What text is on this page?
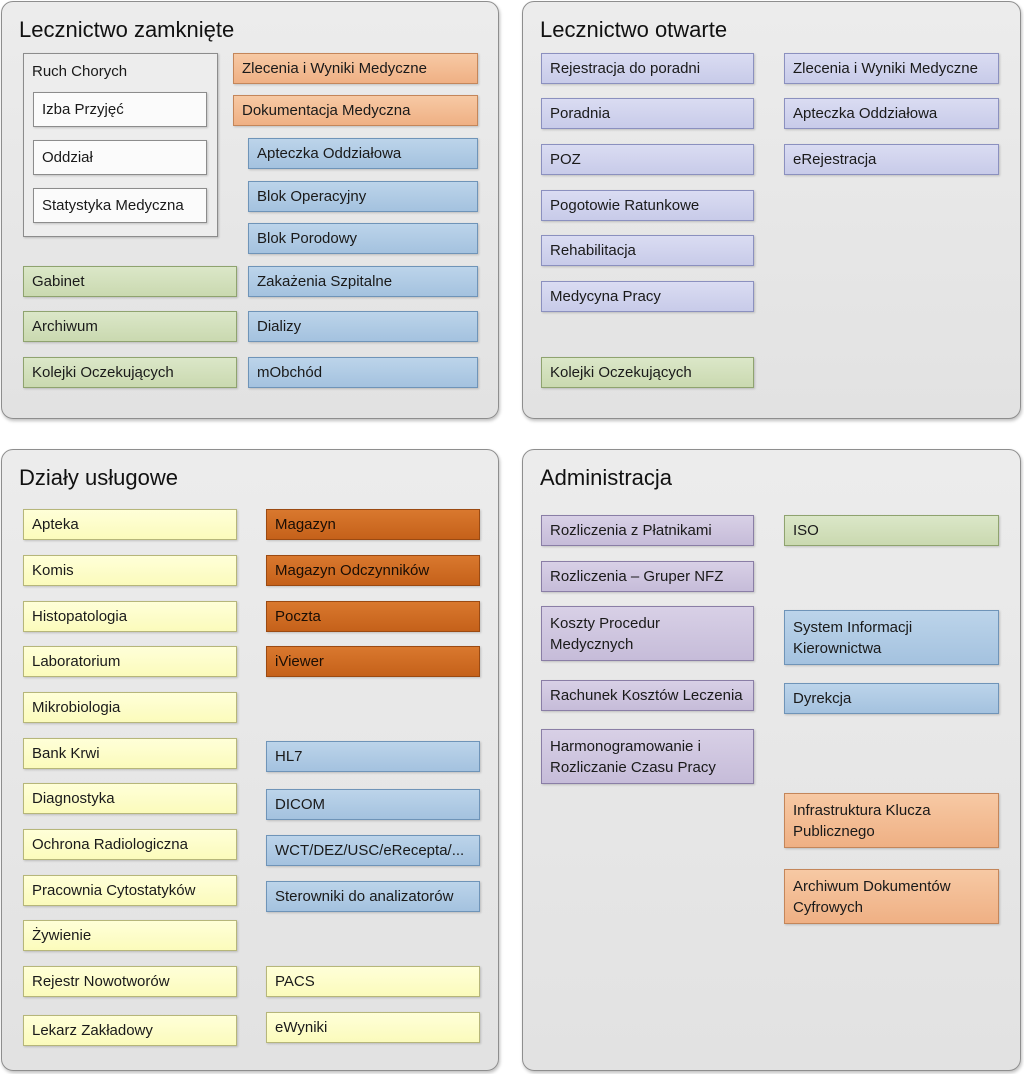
Lecznictwo zamknięte
Ruch Chorych
Izba Przyjęć
Oddział
Statystyka Medyczna
Gabinet
Archiwum
Kolejki Oczekujących
Zlecenia i Wyniki Medyczne
Dokumentacja Medyczna
Apteczka Oddziałowa
Blok Operacyjny
Blok Porodowy
Zakażenia Szpitalne
Dializy
mObchód
Lecznictwo otwarte
Rejestracja do poradni
Poradnia
POZ
Pogotowie Ratunkowe
Rehabilitacja
Medycyna Pracy
Kolejki Oczekujących
Zlecenia i Wyniki Medyczne
Apteczka Oddziałowa
eRejestracja
Działy usługowe
Apteka
Komis
Histopatologia
Laboratorium
Mikrobiologia
Bank Krwi
Diagnostyka
Ochrona Radiologiczna
Pracownia Cytostatyków
Żywienie
Rejestr Nowotworów
Lekarz Zakładowy
Magazyn
Magazyn Odczynników
Poczta
iViewer
HL7
DICOM
WCT/DEZ/USC/eRecepta/...
Sterowniki do analizatorów
PACS
eWyniki
Administracja
Rozliczenia z Płatnikami
Rozliczenia – Gruper NFZ
Koszty Procedur Medycznych
Rachunek Kosztów Leczenia
Harmonogramowanie i Rozliczanie Czasu Pracy
ISO
System Informacji Kierownictwa
Dyrekcja
Infrastruktura Klucza Publicznego
Archiwum Dokumentów Cyfrowych
